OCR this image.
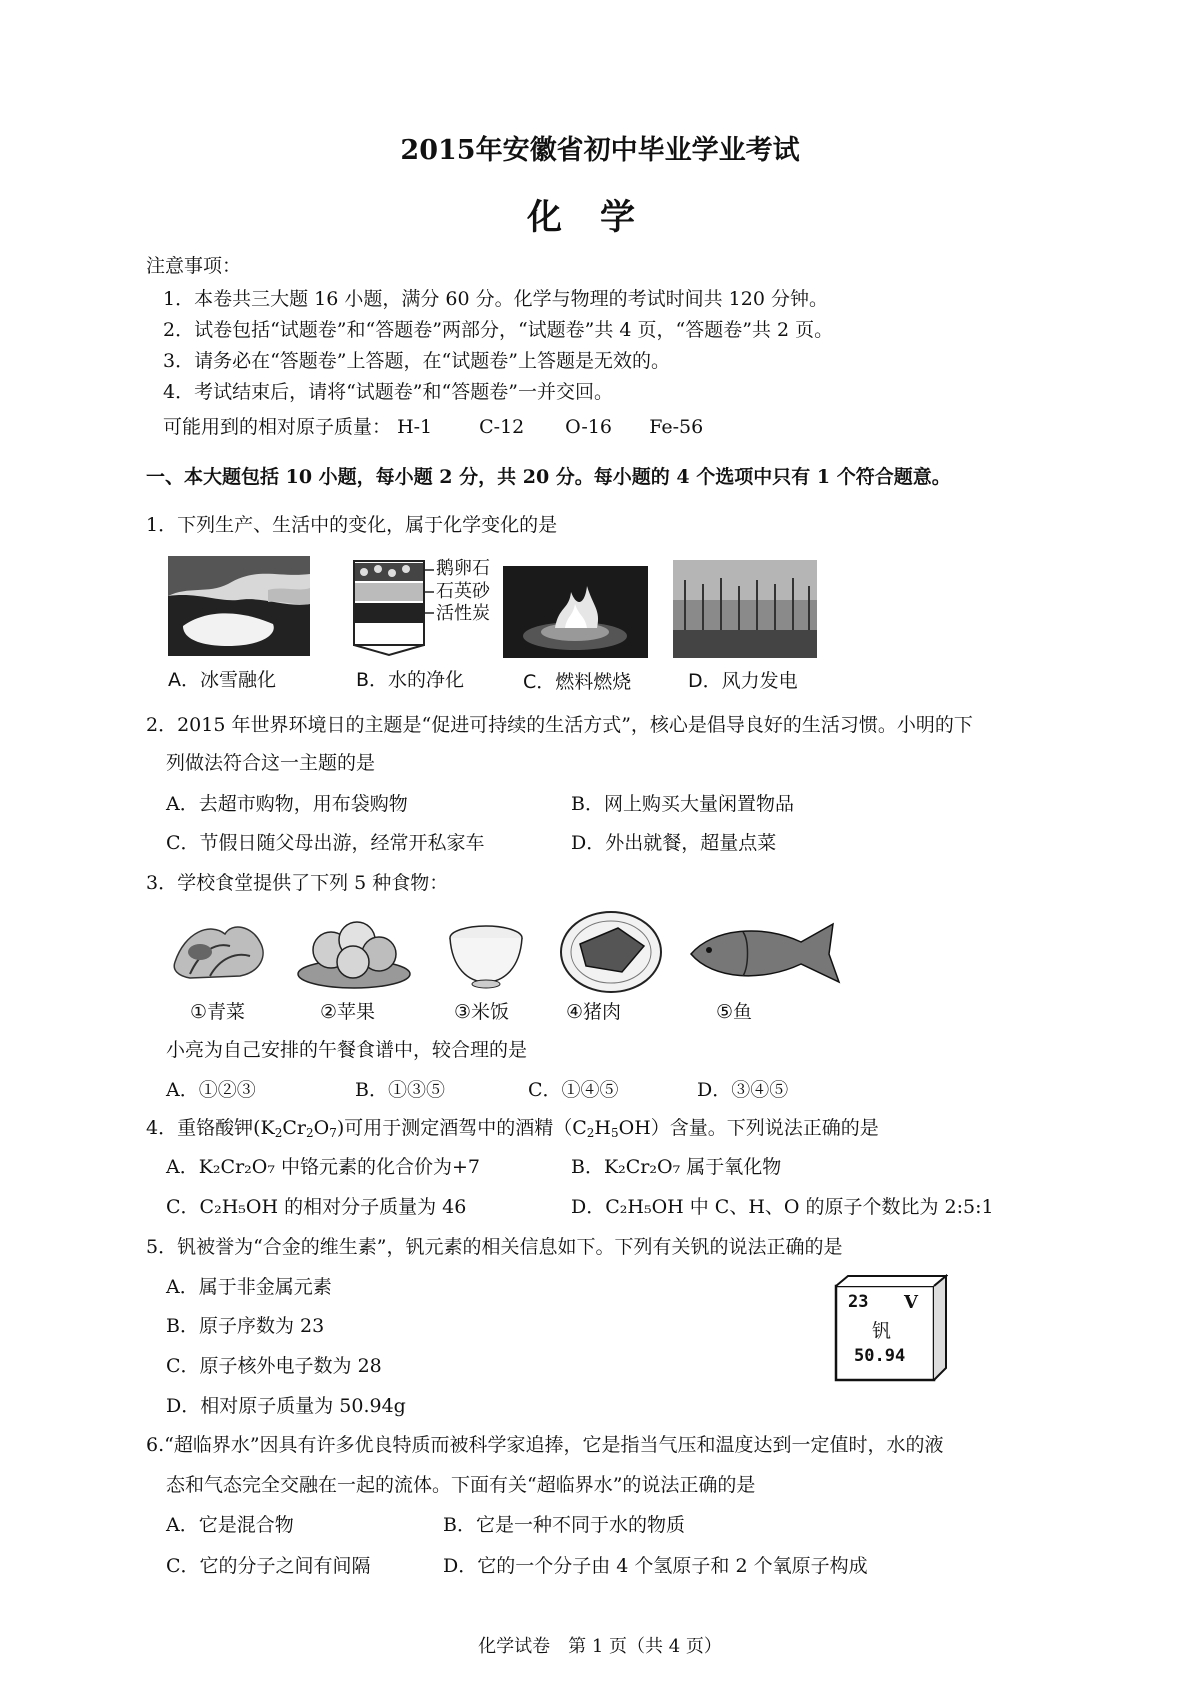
2015年安徽省初中毕业学业考试
化学
注意事项：
1．本卷共三大题 16 小题，满分 60 分。化学与物理的考试时间共 120 分钟。
2．试卷包括“试题卷”和“答题卷”两部分，“试题卷”共 4 页，“答题卷”共 2 页。
3．请务必在“答题卷”上答题，在“试题卷”上答题是无效的。
4．考试结束后，请将“试题卷”和“答题卷”一并交回。
可能用到的相对原子质量： H-1 C-12 O-16 Fe-56
一、本大题包括 10 小题，每小题 2 分，共 20 分。每小题的 4 个选项中只有 1 个符合题意。
1．下列生产、生活中的变化，属于化学变化的是
鹅卵石
石英砂
活性炭
A．冰雪融化	B．水的净化	C．燃料燃烧	D．风力发电
2．2015 年世界环境日的主题是“促进可持续的生活方式”，核心是倡导良好的生活习惯。小明的下
列做法符合这一主题的是
A．去超市购物，用布袋购物	B．网上购买大量闲置物品
C．节假日随父母出游，经常开私家车	D．外出就餐，超量点菜
3．学校食堂提供了下列 5 种食物：
①青菜	②苹果	③米饭	④猪肉	⑤鱼
小亮为自己安排的午餐食谱中，较合理的是
A．①②③	B．①③⑤	C．①④⑤	D．③④⑤
4．重铬酸钾$(K_2Cr_2O_7)$可用于测定酒驾中的酒精$(C_2H_5OH)$含量。下列说法正确的是
A．K₂Cr₂O₇ 中铬元素的化合价为+7	B．K₂Cr₂O₇ 属于氧化物
C．C₂H₅OH 的相对分子质量为 46	D．C₂H₅OH 中 C、H、O 的原子个数比为 2:5:1
5．钒被誉为“合金的维生素”，钒元素的相关信息如下。下列有关钒的说法正确的是
A．属于非金属元素
B．原子序数为 23
C．原子核外电子数为 28
D．相对原子质量为 50.94g
23 V
钒
50.94
6.“超临界水”因具有许多优良特质而被科学家追捧，它是指当气压和温度达到一定值时，水的液
态和气态完全交融在一起的流体。下面有关“超临界水”的说法正确的是
A．它是混合物	B．它是一种不同于水的物质
C．它的分子之间有间隔	D．它的一个分子由 4 个氢原子和 2 个氧原子构成
化学试卷　第 1 页（共 4 页）
